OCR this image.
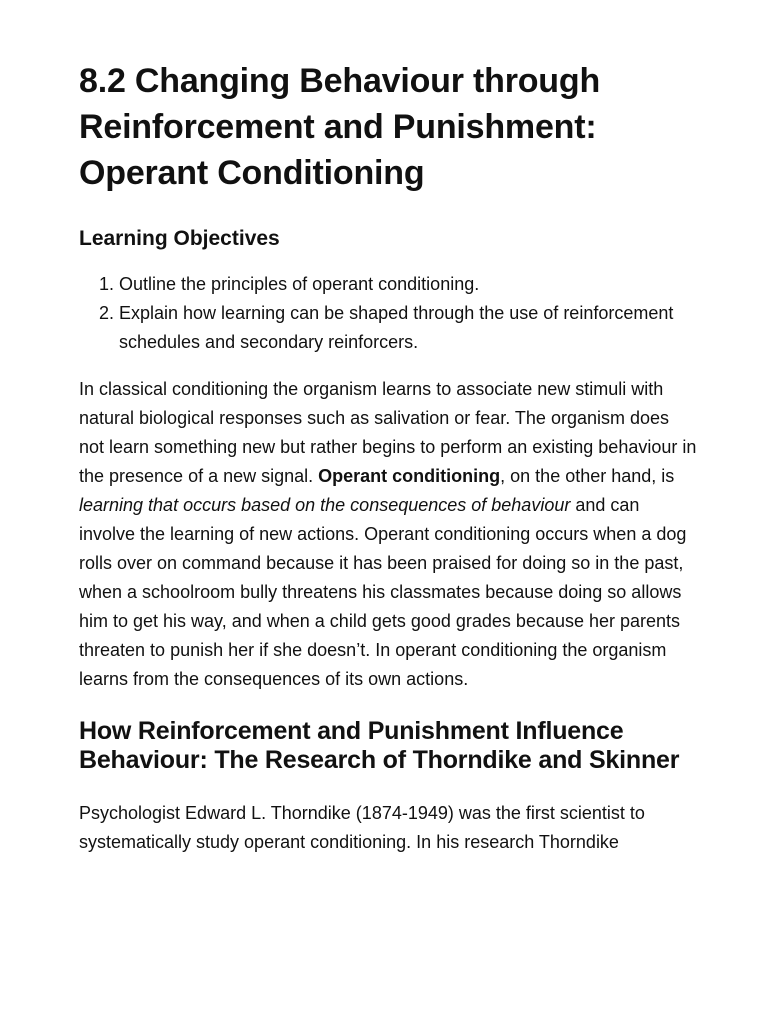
8.2 Changing Behaviour through Reinforcement and Punishment: Operant Conditioning
Learning Objectives
1. Outline the principles of operant conditioning.
2. Explain how learning can be shaped through the use of reinforcement schedules and secondary reinforcers.

In classical conditioning the organism learns to associate new stimuli with natural biological responses such as salivation or fear. The organism does not learn something new but rather begins to perform an existing behaviour in the presence of a new signal. Operant conditioning, on the other hand, is learning that occurs based on the consequences of behaviour and can involve the learning of new actions. Operant conditioning occurs when a dog rolls over on command because it has been praised for doing so in the past, when a schoolroom bully threatens his classmates because doing so allows him to get his way, and when a child gets good grades because her parents threaten to punish her if she doesn’t. In operant conditioning the organism learns from the consequences of its own actions.

How Reinforcement and Punishment Influence Behaviour: The Research of Thorndike and Skinner

Psychologist Edward L. Thorndike (1874-1949) was the first scientist to systematically study operant conditioning. In his research Thorndike
